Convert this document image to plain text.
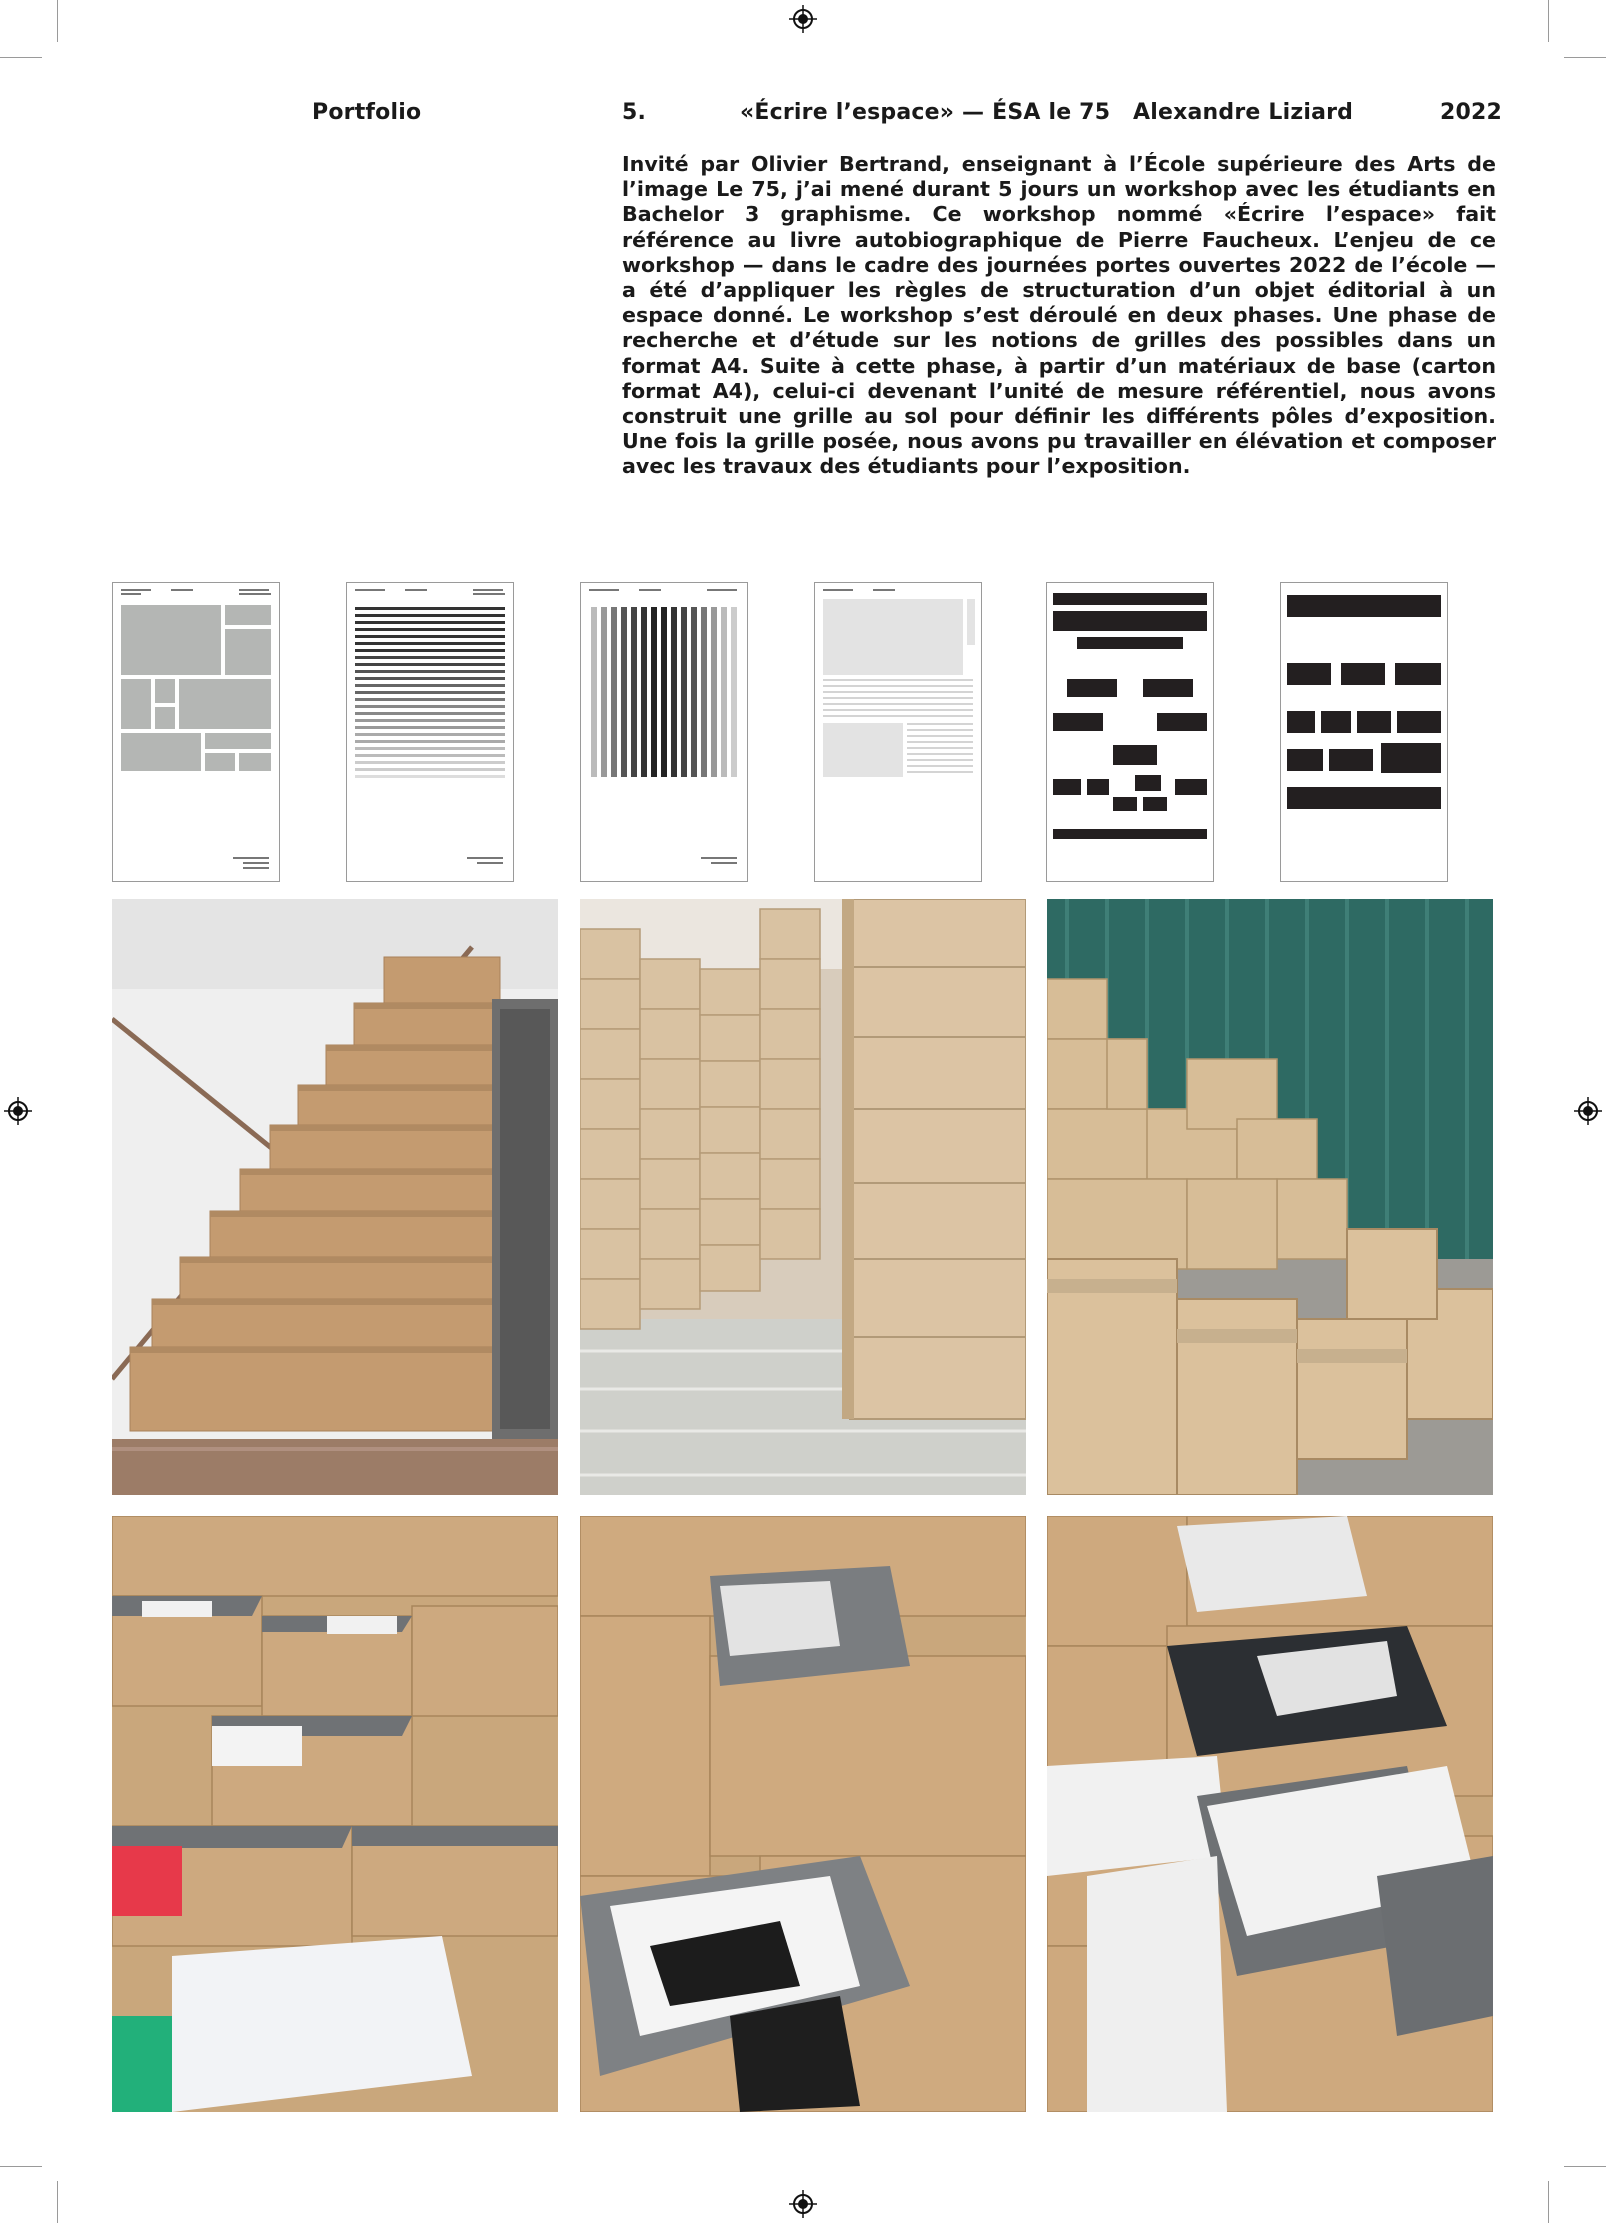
Portfolio	5.	«Écrire l’espace» — ÉSA le 75 Alexandre Liziard	2022

Invité par Olivier Bertrand, enseignant à l’École supérieure des Arts de l’image Le 75, j’ai mené durant 5 jours un workshop avec les étudiants en Bachelor 3 graphisme. Ce workshop nommé «Écrire l’espace» fait référence au livre autobiographique de Pierre Faucheux. L’enjeu de ce workshop — dans le cadre des journées portes ouvertes 2022 de l’école — a été d’appliquer les règles de structuration d’un objet éditorial à un espace donné. Le workshop s’est déroulé en deux phases. Une phase de recherche et d’étude sur les notions de grilles des possibles dans un format A4. Suite à cette phase, à partir d’un matériaux de base (carton format A4), celui-ci devenant l’unité de mesure référentiel, nous avons construit une grille au sol pour définir les différents pôles d’exposition. Une fois la grille posée, nous avons pu travailler en élévation et composer avec les travaux des étudiants pour l’exposition.
